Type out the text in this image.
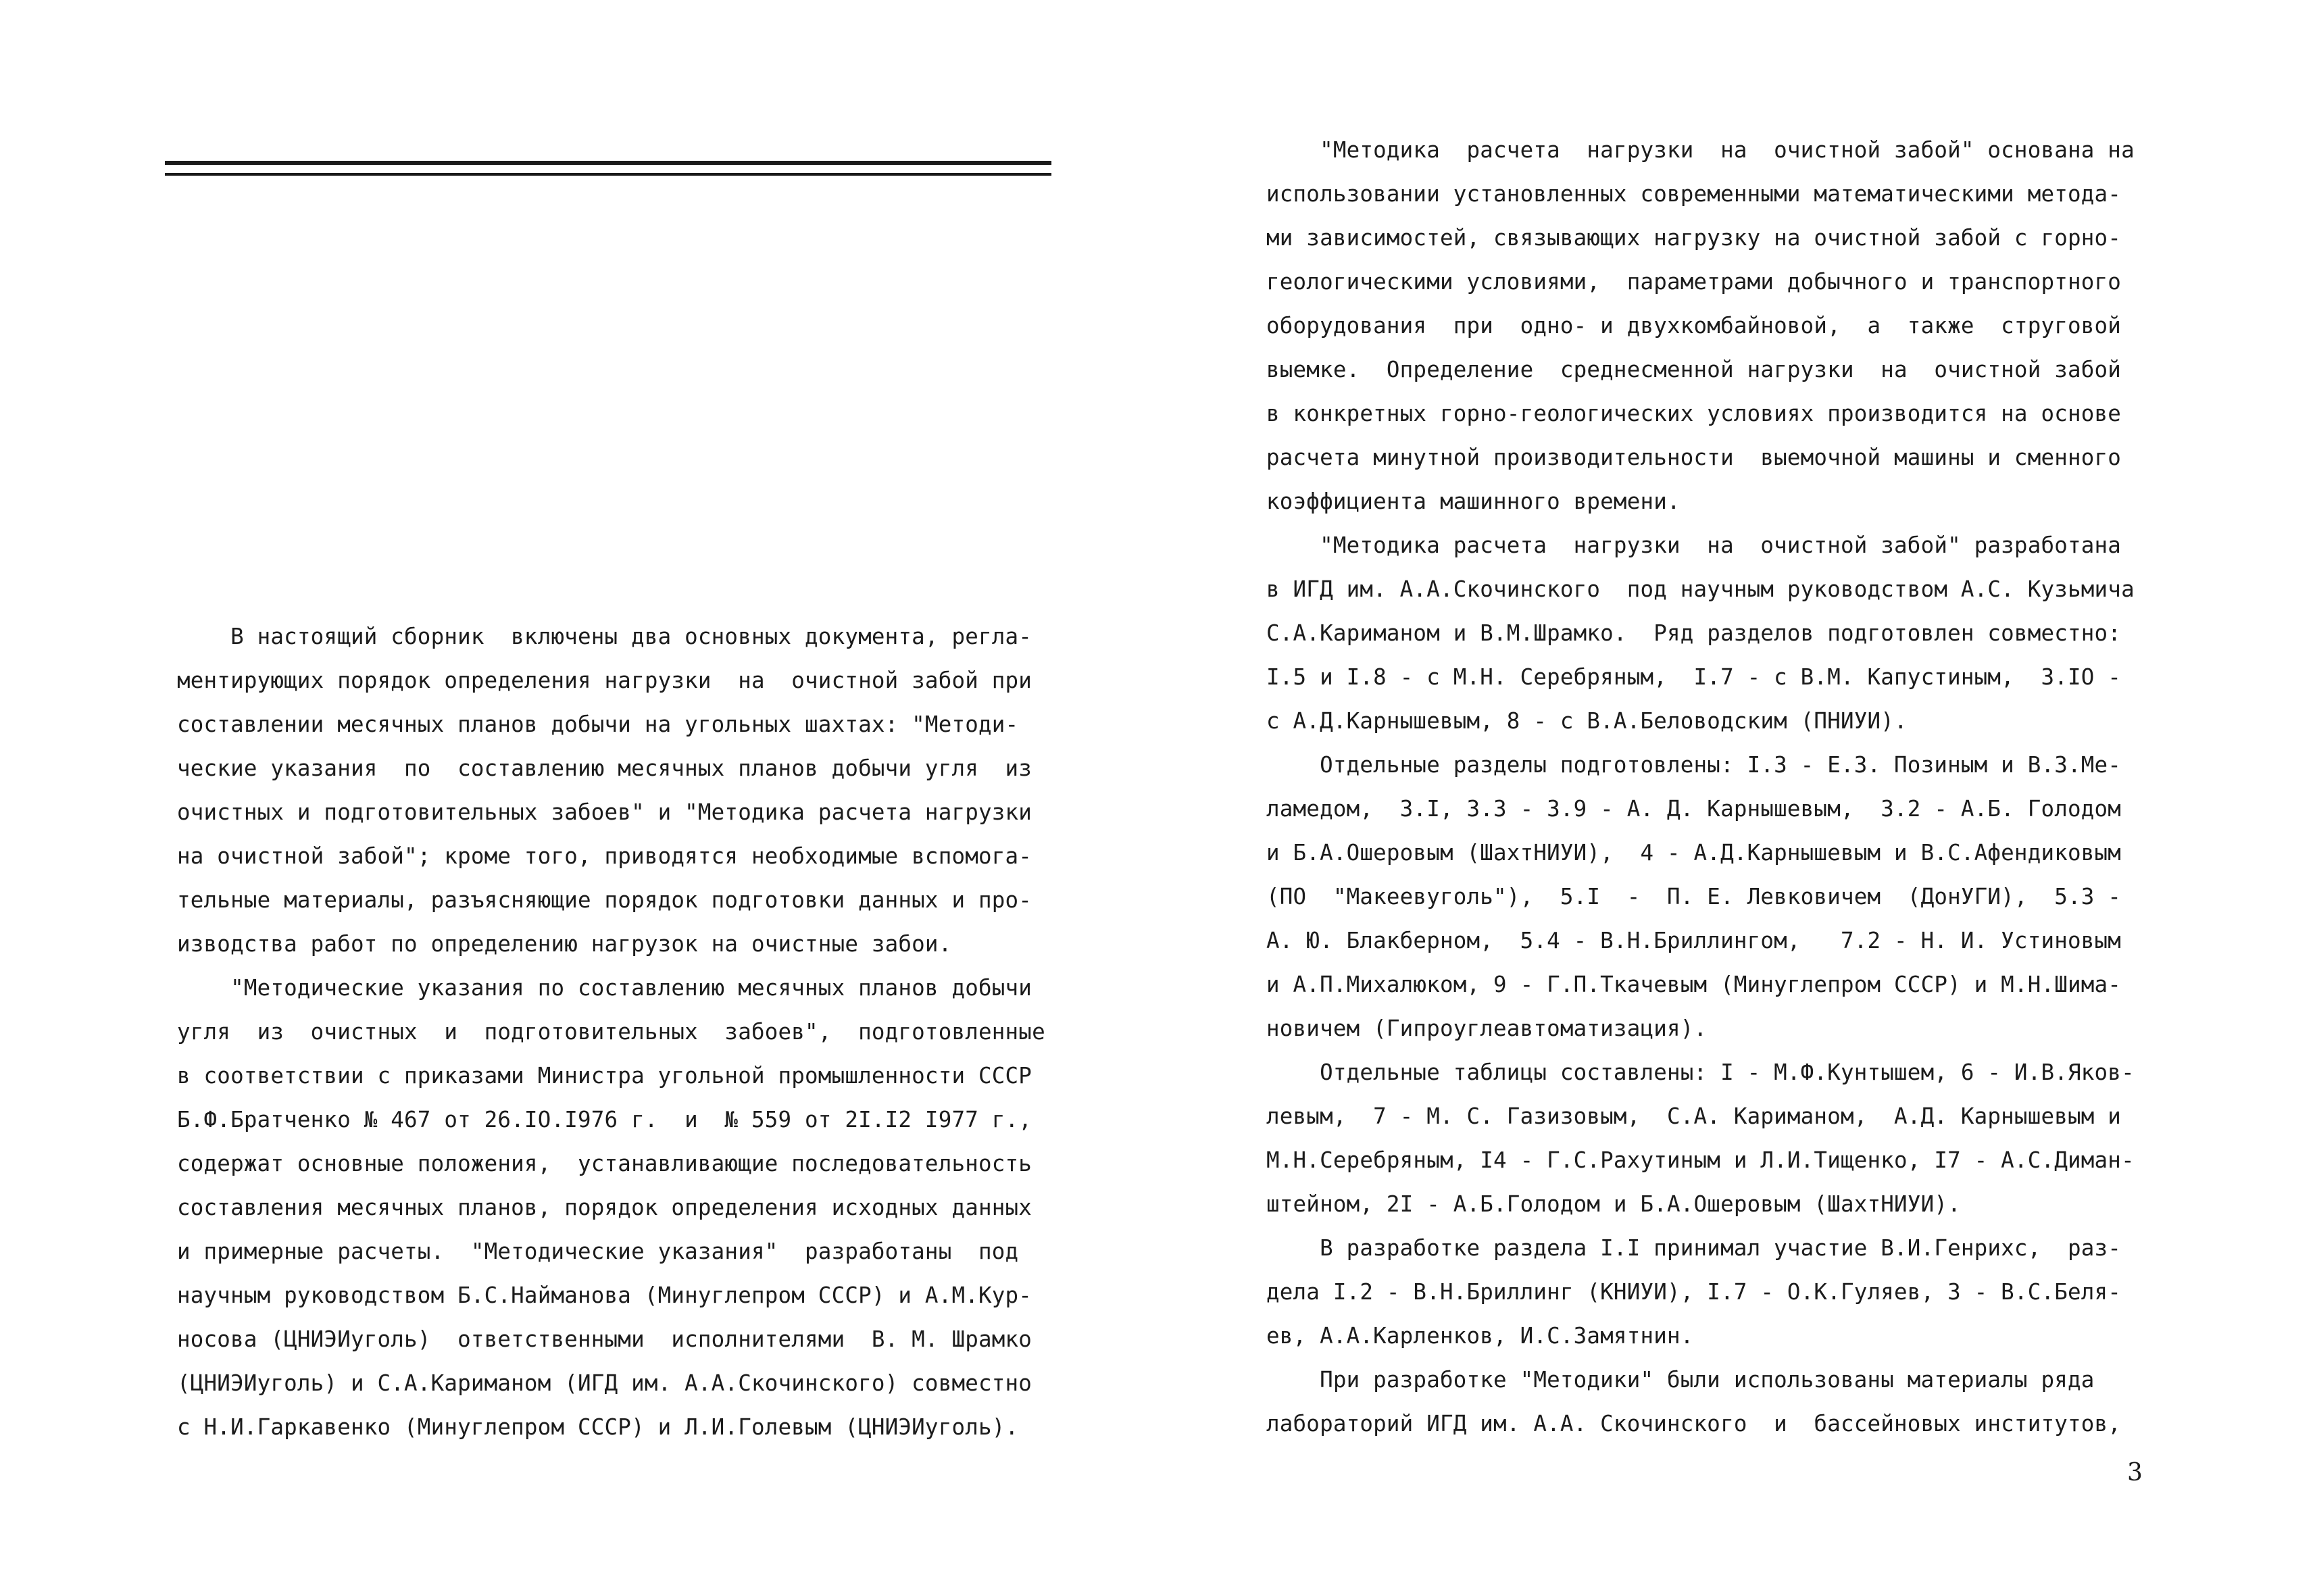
В настоящий сборник  включены два основных документа, регла-
ментирующих порядок определения нагрузки  на  очистной забой при
составлении месячных планов добычи на угольных шахтах: "Методи-
ческие указания  по  составлению месячных планов добычи угля  из
очистных и подготовительных забоев" и "Методика расчета нагрузки
на очистной забой"; кроме того, приводятся необходимые вспомога-
тельные материалы, разъясняющие порядок подготовки данных и про-
изводства работ по определению нагрузок на очистные забои.
"Методические указания по составлению месячных планов добычи
угля  из  очистных  и  подготовительных  забоев",  подготовленные
в соответствии с приказами Министра угольной промышленности СССР
Б.Ф.Братченко № 467 от 26.IO.I976 г.  и  № 559 от 2I.I2 I977 г.,
содержат основные положения,  устанавливающие последовательность
составления месячных планов, порядок определения исходных данных
и примерные расчеты.  "Методические указания"  разработаны  под
научным руководством Б.С.Найманова (Минуглепром СССР) и А.М.Кур-
носова (ЦНИЭИуголь)  ответственными  исполнителями  В. М. Шрамко
(ЦНИЭИуголь) и С.А.Кариманом (ИГД им. А.А.Скочинского) совместно
с Н.И.Гаркавенко (Минуглепром СССР) и Л.И.Голевым (ЦНИЭИуголь).
"Методика  расчета  нагрузки  на  очистной забой" основана на
использовании установленных современными математическими метода-
ми зависимостей, связывающих нагрузку на очистной забой с горно-
геологическими условиями,  параметрами добычного и транспортного
оборудования  при  одно- и двухкомбайновой,  а  также  струговой
выемке.  Определение  среднесменной нагрузки  на  очистной забой
в конкретных горно-геологических условиях производится на основе
расчета минутной производительности  выемочной машины и сменного
коэффициента машинного времени.
"Методика расчета  нагрузки  на  очистной забой" разработана
в ИГД им. А.А.Скочинского  под научным руководством А.С. Кузьмича
С.А.Кариманом и В.М.Шрамко.  Ряд разделов подготовлен совместно:
I.5 и I.8 - с М.Н. Серебряным,  I.7 - с В.М. Капустиным,  3.IO -
с А.Д.Карнышевым, 8 - с В.А.Беловодским (ПНИУИ).
Отдельные разделы подготовлены: I.3 - Е.З. Позиным и В.З.Ме-
ламедом,  3.I, 3.3 - 3.9 - А. Д. Карнышевым,  3.2 - А.Б. Голодом
и Б.А.Ошеровым (ШахтНИУИ),  4 - А.Д.Карнышевым и В.С.Афендиковым
(ПО  "Макеевуголь"),  5.I  -  П. Е. Левковичем  (ДонУГИ),  5.3 -
А. Ю. Блакберном,  5.4 - В.Н.Бриллингом,   7.2 - Н. И. Устиновым
и А.П.Михалюком, 9 - Г.П.Ткачевым (Минуглепром СССР) и М.Н.Шима-
новичем (Гипроуглеавтоматизация).
Отдельные таблицы составлены: I - М.Ф.Кунтышем, 6 - И.В.Яков-
левым,  7 - М. С. Газизовым,  С.А. Кариманом,  А.Д. Карнышевым и
М.Н.Серебряным, I4 - Г.С.Рахутиным и Л.И.Тищенко, I7 - А.С.Диман-
штейном, 2I - А.Б.Голодом и Б.А.Ошеровым (ШахтНИУИ).
В разработке раздела I.I принимал участие В.И.Генрихс,  раз-
дела I.2 - В.Н.Бриллинг (КНИУИ), I.7 - О.К.Гуляев, 3 - В.С.Беля-
ев, А.А.Карленков, И.С.Замятнин.
При разработке "Методики" были использованы материалы ряда
лабораторий ИГД им. А.А. Скочинского  и  бассейновых институтов,
3
